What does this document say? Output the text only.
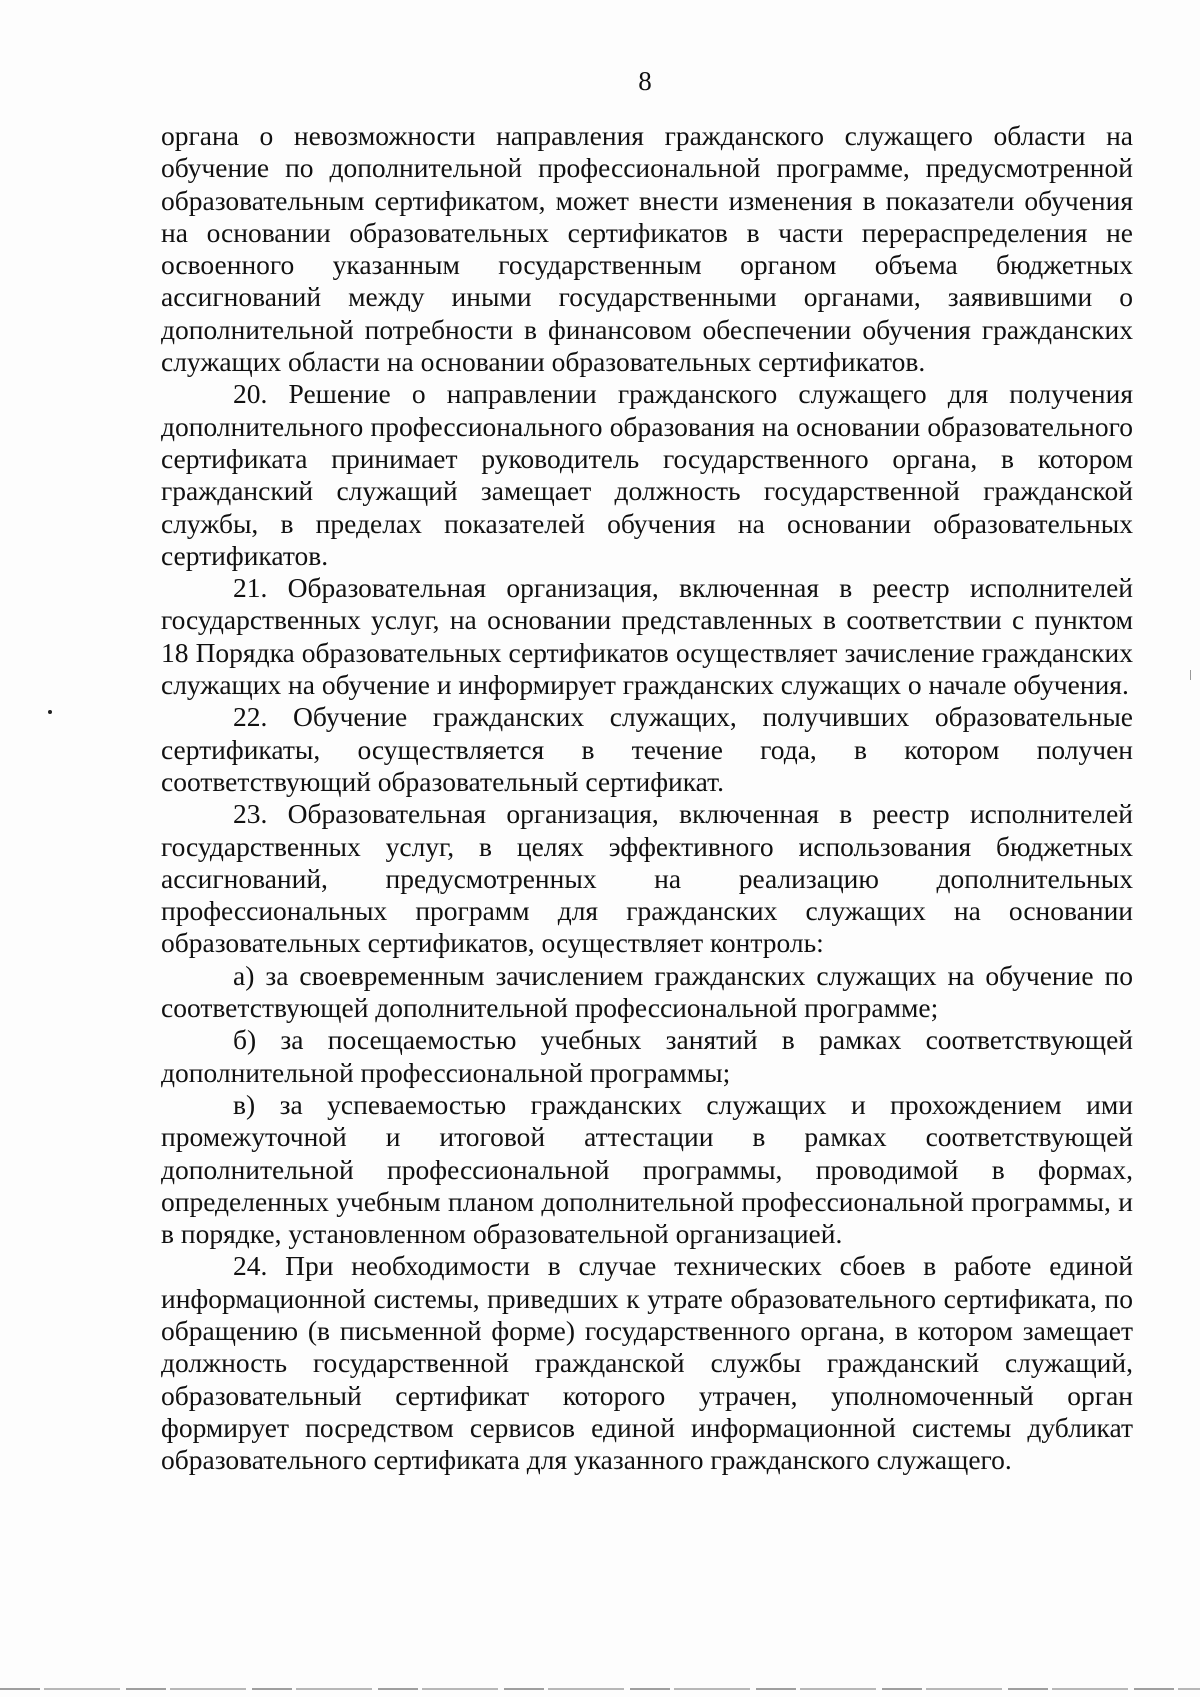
8

органа о невозможности направления гражданского служащего области на обучение по дополнительной профессиональной программе, предусмотренной образовательным сертификатом, может внести изменения в показатели обучения на основании образовательных сертификатов в части перераспределения не освоенного указанным государственным органом объема бюджетных ассигнований между иными государственными органами, заявившими о дополнительной потребности в финансовом обеспечении обучения гражданских служащих области на основании образовательных сертификатов.

20. Решение о направлении гражданского служащего для получения дополнительного профессионального образования на основании образовательного сертификата принимает руководитель государственного органа, в котором гражданский служащий замещает должность государственной гражданской службы, в пределах показателей обучения на основании образовательных сертификатов.

21. Образовательная организация, включенная в реестр исполнителей государственных услуг, на основании представленных в соответствии с пунктом 18 Порядка образовательных сертификатов осуществляет зачисление гражданских служащих на обучение и информирует гражданских служащих о начале обучения.

22. Обучение гражданских служащих, получивших образовательные сертификаты, осуществляется в течение года, в котором получен соответствующий образовательный сертификат.

23. Образовательная организация, включенная в реестр исполнителей государственных услуг, в целях эффективного использования бюджетных ассигнований, предусмотренных на реализацию дополнительных профессиональных программ для гражданских служащих на основании образовательных сертификатов, осуществляет контроль:

а) за своевременным зачислением гражданских служащих на обучение по соответствующей дополнительной профессиональной программе;

б) за посещаемостью учебных занятий в рамках соответствующей дополнительной профессиональной программы;

в) за успеваемостью гражданских служащих и прохождением ими промежуточной и итоговой аттестации в рамках соответствующей дополнительной профессиональной программы, проводимой в формах, определенных учебным планом дополнительной профессиональной программы, и в порядке, установленном образовательной организацией.

24. При необходимости в случае технических сбоев в работе единой информационной системы, приведших к утрате образовательного сертификата, по обращению (в письменной форме) государственного органа, в котором замещает должность государственной гражданской службы гражданский служащий, образовательный сертификат которого утрачен, уполномоченный орган формирует посредством сервисов единой информационной системы дубликат образовательного сертификата для указанного гражданского служащего.
